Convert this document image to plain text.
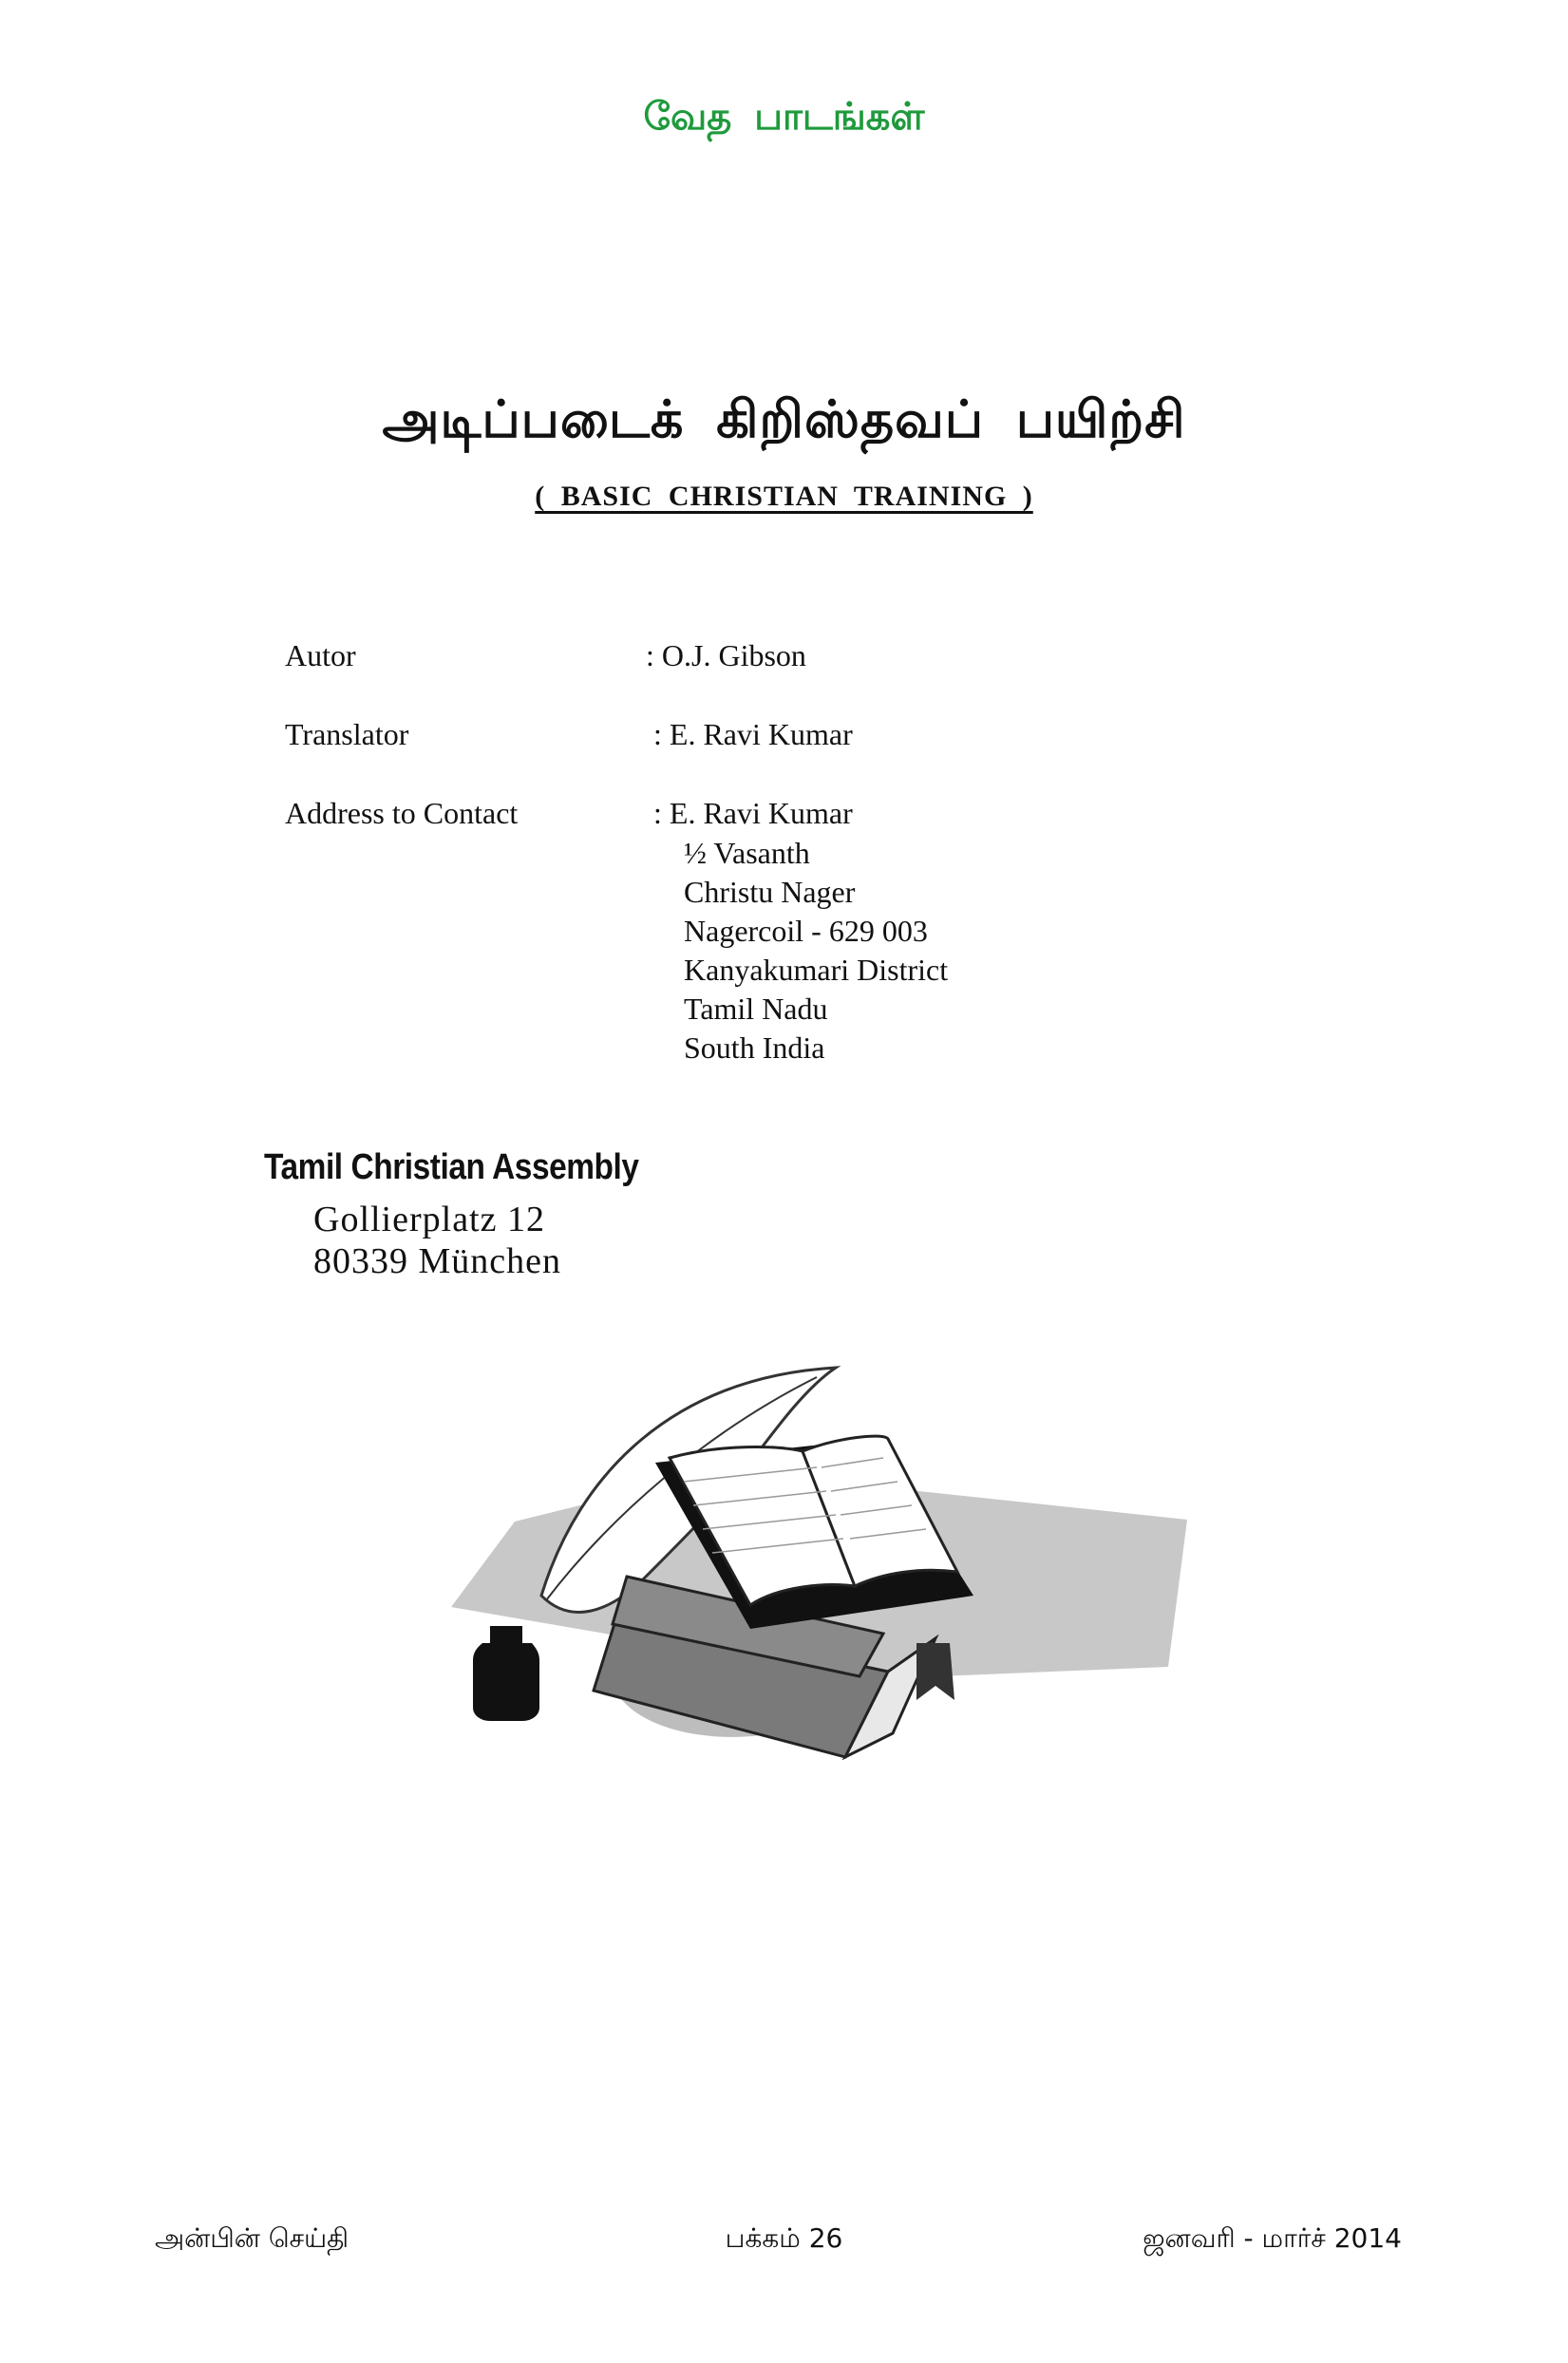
வேத பாடங்கள்
அடிப்படைக் கிறிஸ்தவப் பயிற்சி
( BASIC CHRISTIAN TRAINING )
Autor	: O.J. Gibson
Translator	: E. Ravi Kumar
Address to Contact	: E. Ravi Kumar
½ Vasanth
Christu Nager
Nagercoil - 629 003
Kanyakumari District
Tamil Nadu
South India
Tamil Christian Assembly
Gollierplatz 12
80339 München
அன்பின் செய்தி	பக்கம் 26	ஜனவரி - மார்ச் 2014
